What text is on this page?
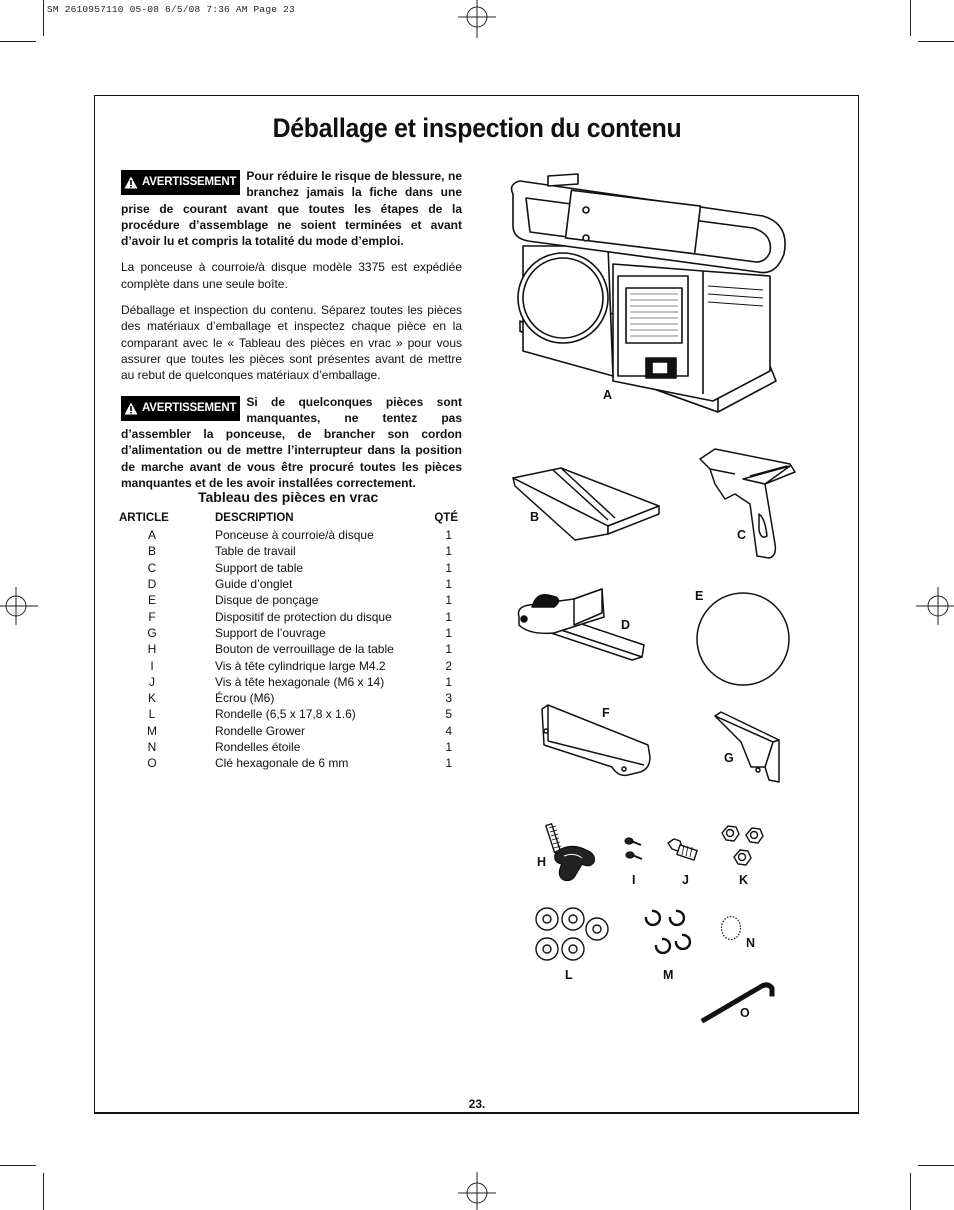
SM 2610957110 05-08 6/5/08 7:36 AM Page 23
Déballage et inspection du contenu
AVERTISSEMENT Pour réduire le risque de blessure, ne branchez jamais la fiche dans une prise de courant avant que toutes les étapes de la procédure d’assemblage ne soient terminées et avant d’avoir lu et compris la totalité du mode d’emploi.

La ponceuse à courroie/à disque modèle 3375 est expédiée complète dans une seule boîte.

Déballage et inspection du contenu. Séparez toutes les pièces des matériaux d’emballage et inspectez chaque pièce en la comparant avec le « Tableau des pièces en vrac » pour vous assurer que toutes les pièces sont présentes avant de mettre au rebut de quelconques matériaux d’emballage.

AVERTISSEMENT Si de quelconques pièces sont manquantes, ne tentez pas d’assembler la ponceuse, de brancher son cordon d’alimentation ou de mettre l’interrupteur dans la position de marche avant de vous être procuré toutes les pièces manquantes et de les avoir installées correctement.
Tableau des pièces en vrac
ARTICLE	DESCRIPTION	QTÉ
A	Ponceuse à courroie/à disque	1
B	Table de travail	1
C	Support de table	1
D	Guide d’onglet	1
E	Disque de ponçage	1
F	Dispositif de protection du disque	1
G	Support de l’ouvrage	1
H	Bouton de verrouillage de la table	1
I	Vis à tête cylindrique large M4.2	2
J	Vis à tête hexagonale (M6 x 14)	1
K	Écrou (M6)	3
L	Rondelle (6,5 x 17,8 x 1.6)	5
M	Rondelle Grower	4
N	Rondelles étoile	1
O	Clé hexagonale de 6 mm	1
A
B
C
D
E
F
G
H
I	J	K
L	M
N
O
23.
